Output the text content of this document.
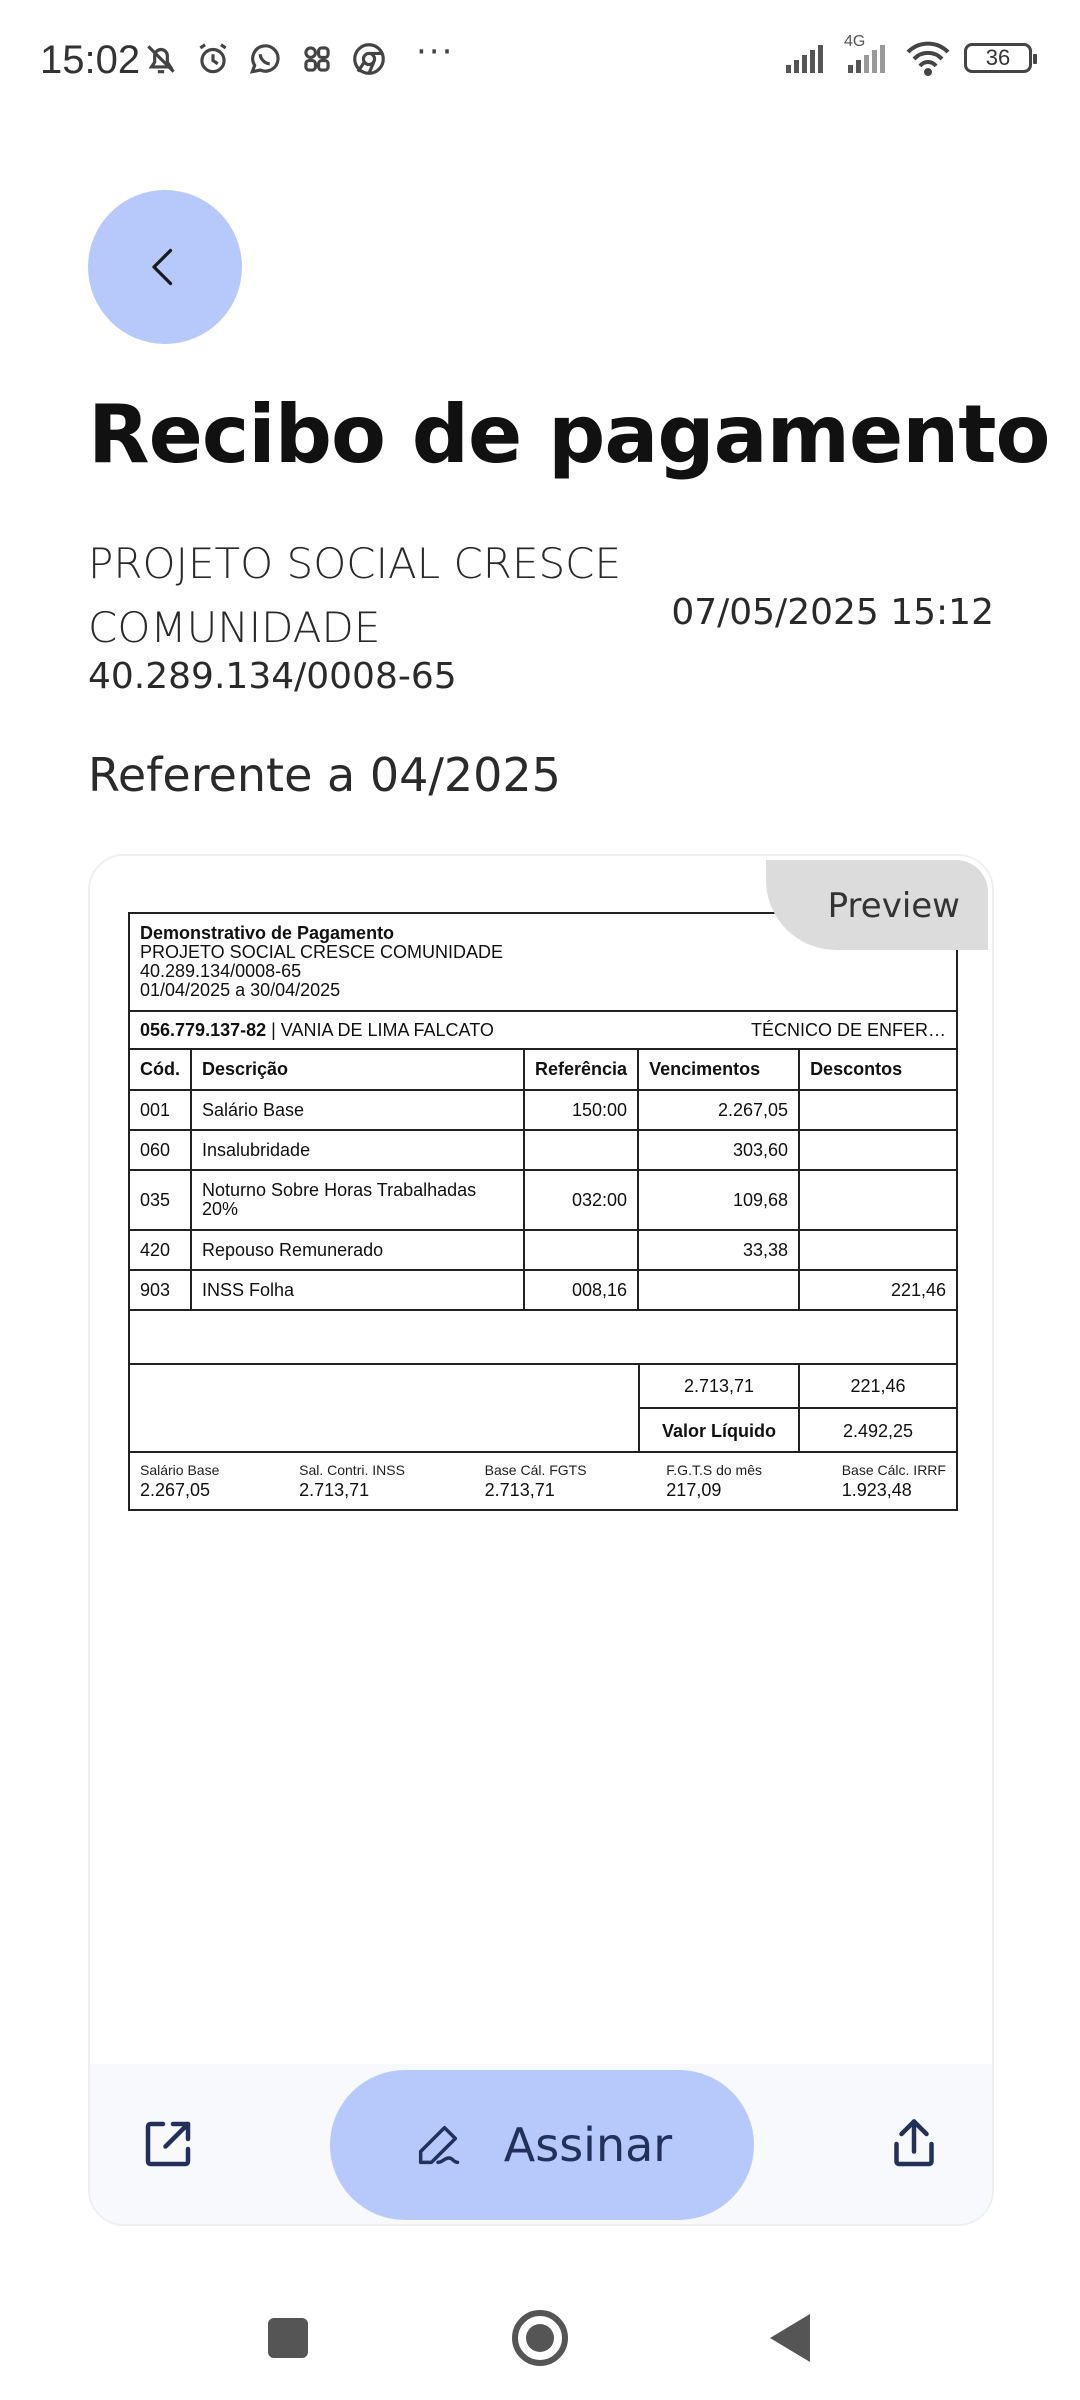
15:02	···	4G
36
Recibo de pagamento
PROJETO SOCIAL CRESCE COMUNIDADE
40.289.134/0008-65
07/05/2025 15:12
Referente a 04/2025
Demonstrativo de Pagamento
PROJETO SOCIAL CRESCE COMUNIDADE
40.289.134/0008-65
01/04/2025 a 30/04/2025
056.779.137-82 | VANIA DE LIMA FALCATO	TÉCNICO DE ENFER…
Cód.	Descrição	Referência	Vencimentos	Descontos
001	Salário Base	150:00	2.267,05	
060	Insalubridade		303,60	
035	Noturno Sobre Horas Trabalhadas 20%	032:00	109,68	
420	Repouso Remunerado		33,38	
903	INSS Folha	008,16		221,46
2.713,71	221,46
Valor Líquido	2.492,25
Salário Base
2.267,05
Sal. Contri. INSS
2.713,71
Base Cál. FGTS
2.713,71
F.G.T.S do mês
217,09
Base Cálc. IRRF
1.923,48
Preview
Assinar
